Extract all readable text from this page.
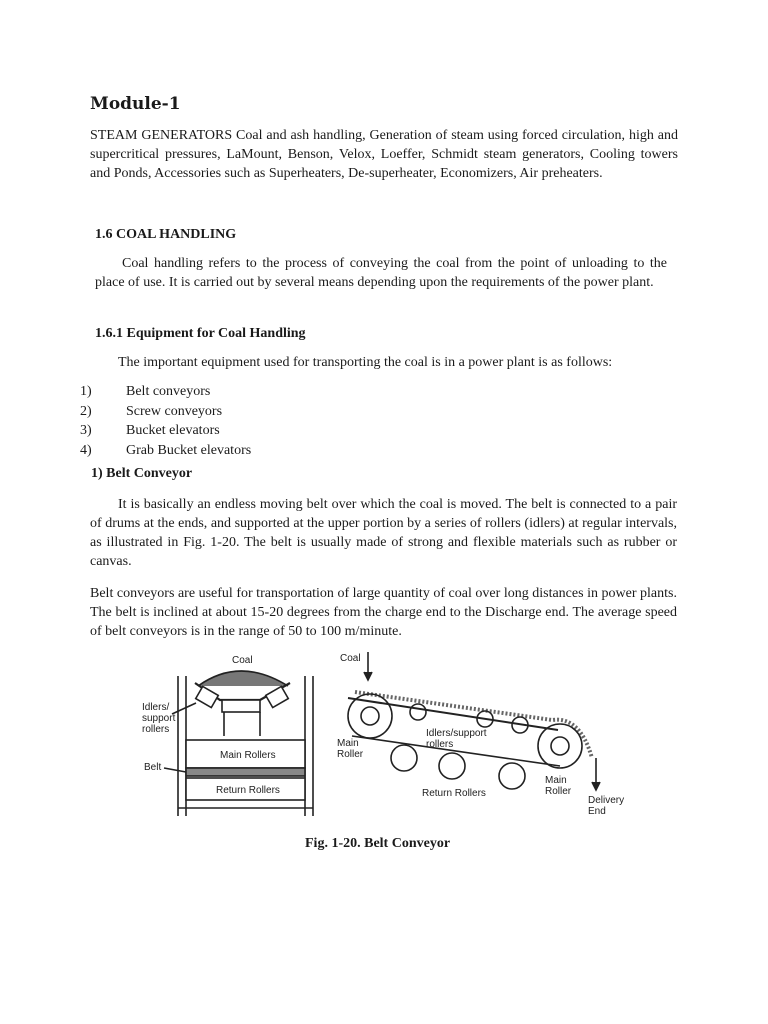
Module-1
STEAM GENERATORS Coal and ash handling, Generation of steam using forced circulation, high and supercritical pressures, LaMount, Benson, Velox, Loeffer, Schmidt steam generators, Cooling towers and Ponds, Accessories such as Superheaters, De-superheater, Economizers, Air preheaters.
1.6 COAL HANDLING
Coal handling refers to the process of conveying the coal from the point of unloading to the place of use. It is carried out by several means depending upon the requirements of the power plant.
1.6.1 Equipment for Coal Handling
The important equipment used for transporting the coal is in a power plant is as follows:
1)	Belt conveyors
2)	Screw conveyors
3)	Bucket elevators
4)	Grab Bucket elevators
1) Belt Conveyor
It is basically an endless moving belt over which the coal is moved. The belt is connected to a pair of drums at the ends, and supported at the upper portion by a series of rollers (idlers) at regular intervals, as illustrated in Fig. 1-20. The belt is usually made of strong and flexible materials such as rubber or canvas.
Belt conveyors are useful for transportation of large quantity of coal over long distances in power plants. The belt is inclined at about 15-20 degrees from the charge end to the Discharge end. The average speed of belt conveyors is in the range of 50 to 100 m/minute.
Coal
Idlers/
support
rollers
Main Rollers
Belt
Return Rollers
Coal
Idlers/support
rollers
Main
Roller
Return Rollers
Main
Roller
Delivery
End
Fig. 1-20. Belt Conveyor
